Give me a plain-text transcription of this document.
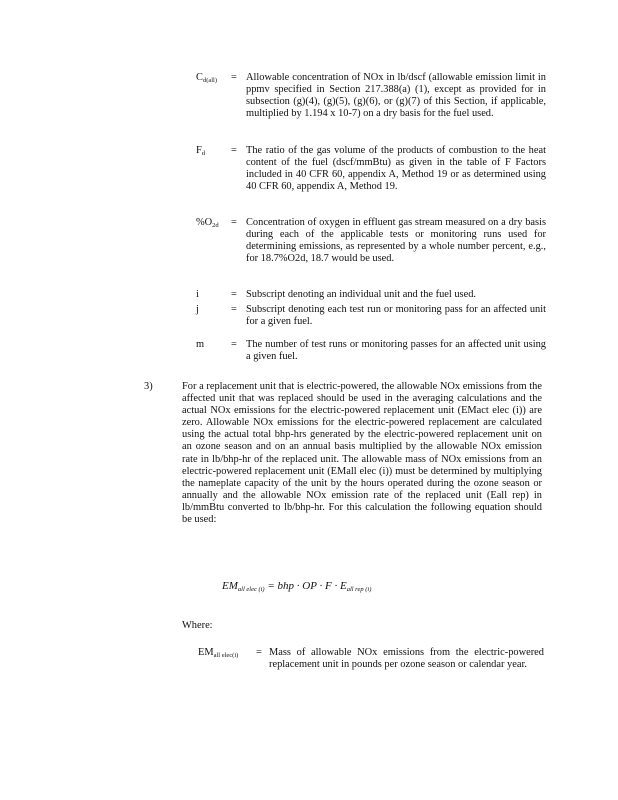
$C_{d(all)}$ = Allowable concentration of NOx in lb/dscf (allowable emission limit in ppmv specified in Section 217.388(a) (1), except as provided for in subsection (g)(4), (g)(5), (g)(6), or (g)(7) of this Section, if applicable, multiplied by 1.194 x 10-7) on a dry basis for the fuel used.
$F_d$ = The ratio of the gas volume of the products of combustion to the heat content of the fuel (dscf/mmBtu) as given in the table of F Factors included in 40 CFR 60, appendix A, Method 19 or as determined using 40 CFR 60, appendix A, Method 19.
$\%O_{2d}$ = Concentration of oxygen in effluent gas stream measured on a dry basis during each of the applicable tests or monitoring runs used for determining emissions, as represented by a whole number percent, e.g., for 18.7%O2d, 18.7 would be used.
i	= Subscript denoting an individual unit and the fuel used.
j	= Subscript denoting each test run or monitoring pass for an affected unit for a given fuel.
m	= The number of test runs or monitoring passes for an affected unit using a given fuel.
3)	For a replacement unit that is electric-powered, the allowable NOx emissions from the affected unit that was replaced should be used in the averaging calculations and the actual NOx emissions for the electric-powered replacement unit (EMact elec (i)) are zero. Allowable NOx emissions for the electric-powered replacement are calculated using the actual total bhp-hrs generated by the electric-powered replacement unit on an ozone season and on an annual basis multiplied by the allowable NOx emission rate in lb/bhp-hr of the replaced unit. The allowable mass of NOx emissions from an electric-powered replacement unit (EMall elec (i)) must be determined by multiplying the nameplate capacity of the unit by the hours operated during the ozone season or annually and the allowable NOx emission rate of the replaced unit (Eall rep) in lb/mmBtu converted to lb/bhp-hr. For this calculation the following equation should be used:
$EM_{all elec (i)}$ = bhp · OP · $F \cdot E_{all rep (i)}$
Where:
$EM_{all elec(i)}$ = Mass of allowable NOx emissions from the electric-powered replacement unit in pounds per ozone season or calendar year.
